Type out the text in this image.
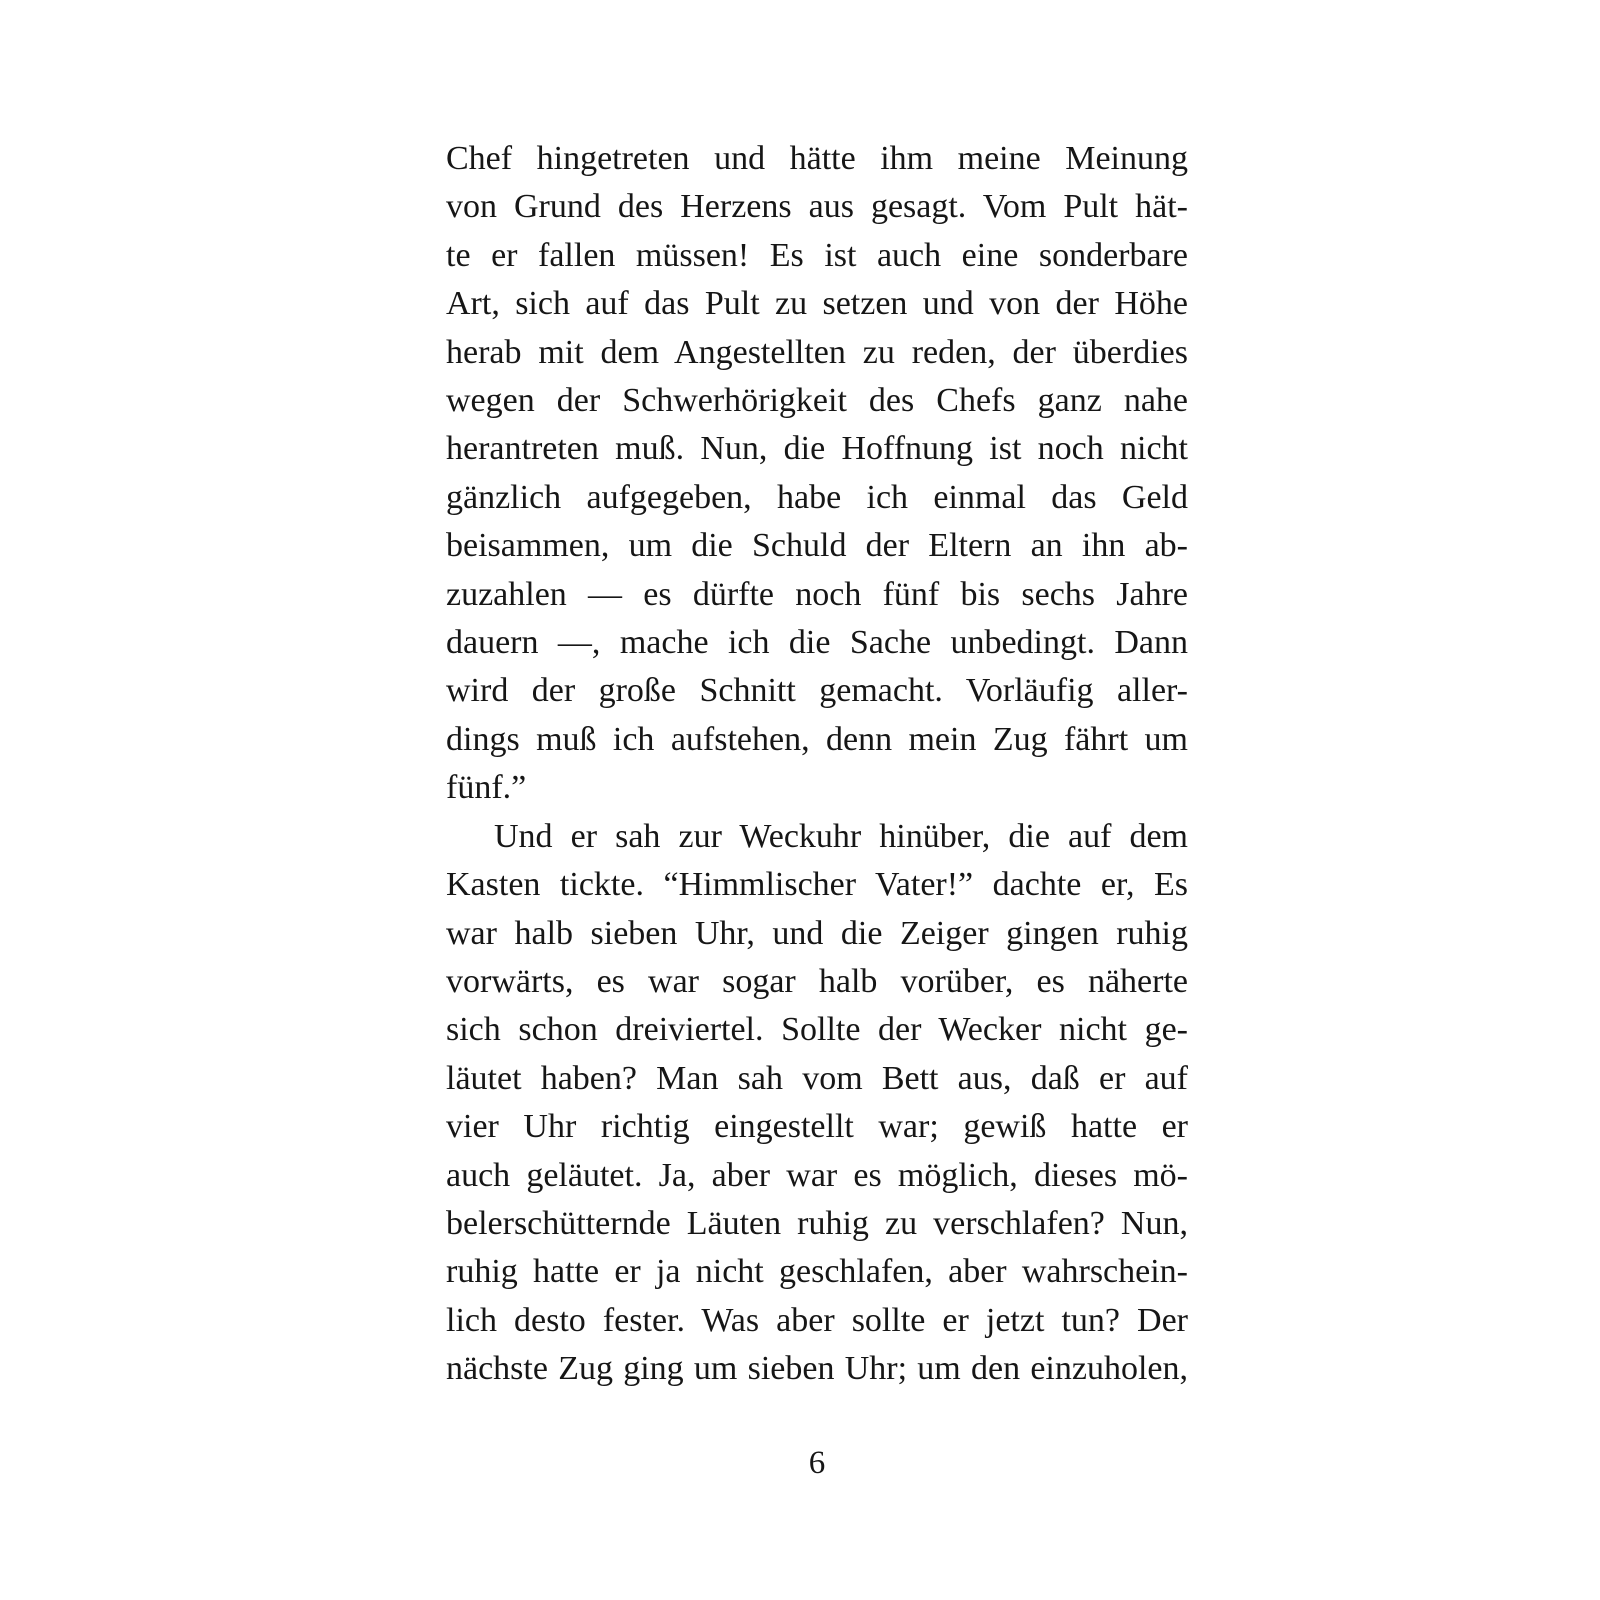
Chef hingetreten und hätte ihm meine Meinung
von Grund des Herzens aus gesagt. Vom Pult hät-
te er fallen müssen! Es ist auch eine sonderbare
Art, sich auf das Pult zu setzen und von der Höhe
herab mit dem Angestellten zu reden, der überdies
wegen der Schwerhörigkeit des Chefs ganz nahe
herantreten muß. Nun, die Hoffnung ist noch nicht
gänzlich aufgegeben, habe ich einmal das Geld
beisammen, um die Schuld der Eltern an ihn ab-
zuzahlen — es dürfte noch fünf bis sechs Jahre
dauern —, mache ich die Sache unbedingt. Dann
wird der große Schnitt gemacht. Vorläufig aller-
dings muß ich aufstehen, denn mein Zug fährt um
fünf.”
Und er sah zur Weckuhr hinüber, die auf dem
Kasten tickte. “Himmlischer Vater!” dachte er, Es
war halb sieben Uhr, und die Zeiger gingen ruhig
vorwärts, es war sogar halb vorüber, es näherte
sich schon dreiviertel. Sollte der Wecker nicht ge-
läutet haben? Man sah vom Bett aus, daß er auf
vier Uhr richtig eingestellt war; gewiß hatte er
auch geläutet. Ja, aber war es möglich, dieses mö-
belerschütternde Läuten ruhig zu verschlafen? Nun,
ruhig hatte er ja nicht geschlafen, aber wahrschein-
lich desto fester. Was aber sollte er jetzt tun? Der
nächste Zug ging um sieben Uhr; um den einzuholen,
6
